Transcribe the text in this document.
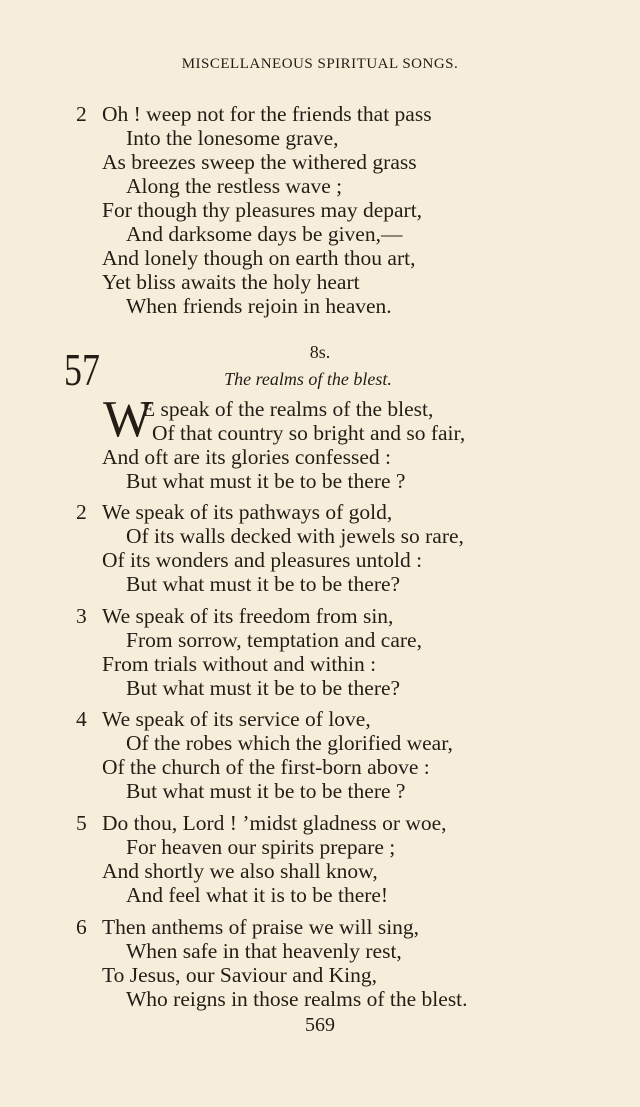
MISCELLANEOUS SPIRITUAL SONGS.
2 Oh ! weep not for the friends that pass
Into the lonesome grave,
As breezes sweep the withered grass
Along the restless wave ;
For though thy pleasures may depart,
And darksome days be given,—
And lonely though on earth thou art,
Yet bliss awaits the holy heart
When friends rejoin in heaven.
57	8s.
The realms of the blest.
W
E speak of the realms of the blest,
Of that country so bright and so fair,
And oft are its glories confessed :
But what must it be to be there ?
2 We speak of its pathways of gold,
Of its walls decked with jewels so rare,
Of its wonders and pleasures untold :
But what must it be to be there?
3 We speak of its freedom from sin,
From sorrow, temptation and care,
From trials without and within :
But what must it be to be there?
4 We speak of its service of love,
Of the robes which the glorified wear,
Of the church of the first-born above :
But what must it be to be there ?
5 Do thou, Lord ! ’midst gladness or woe,
For heaven our spirits prepare ;
And shortly we also shall know,
And feel what it is to be there!
6 Then anthems of praise we will sing,
When safe in that heavenly rest,
To Jesus, our Saviour and King,
Who reigns in those realms of the blest.
569
